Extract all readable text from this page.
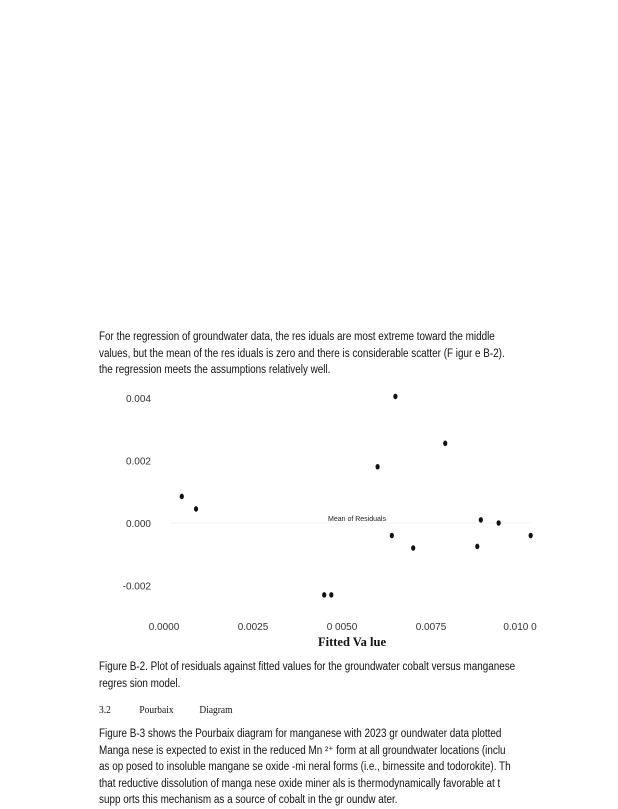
For the regression of groundwater data, the res iduals are most extreme toward the middle
values, but the mean of the res iduals is zero and there is considerable scatter (F igur e B-2).
the regression meets the assumptions relatively well.

0.004
0.002
0.000
-0.002
0.0000	0.0025	0 0050	0.0075	0.010 0
Mean of Residuals
Fitted Va lue

Figure B-2. Plot of residuals against fitted values for the groundwater cobalt versus manganese
regres sion model.

3.2	Pourbaix Diagram

Figure B-3 shows the Pourbaix diagram for manganese with 2023 gr oundwater data plotted
Manga nese is expected to exist in the reduced Mn ²⁺ form at all groundwater locations (inclu
as op posed to insoluble mangane se oxide -mi neral forms (i.e., birnessite and todorokite). Th
that reductive dissolution of manga nese oxide miner als is thermodynamically favorable at t
supp orts this mechanism as a source of cobalt in the gr oundw ater.
